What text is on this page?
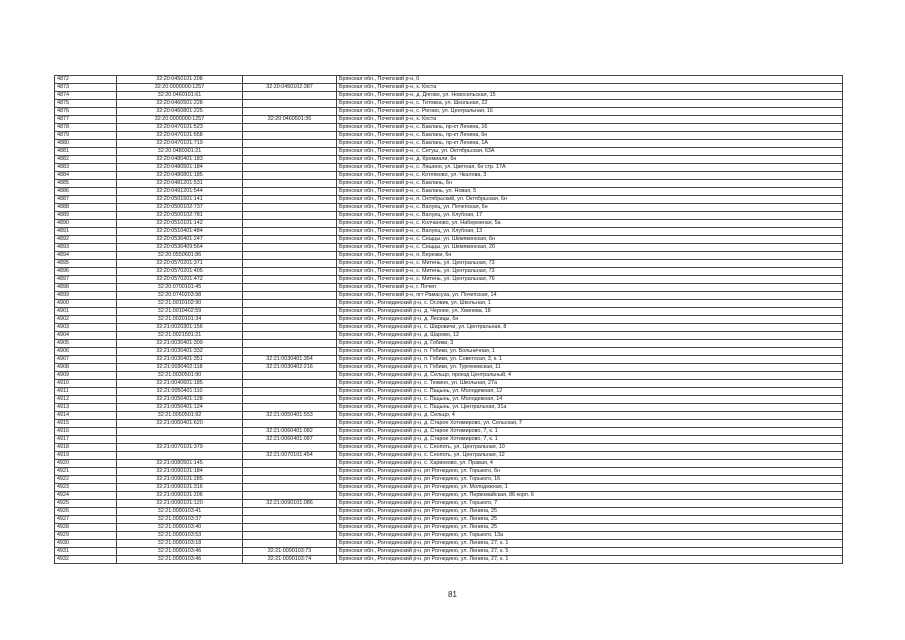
4872	32:20:0450101:208		Брянская обл., Почепский р-н, 0
4873	32:20:0000000:1257	32:20:0450102:387	Брянская обл., Почепский р-н, х. Коста
4874	32:20:0460101:61		Брянская обл., Почепский р-н, д. Дягово, ул. Новосельская, 15
4875	32:20:0460501:228		Брянская обл., Почепский р-н, с. Титовка, ул. Школьная, 22
4876	32:20:0460801:225		Брянская обл., Почепский р-н, с. Рогово, ул. Центральная, 16
4877	32:20:0000000:1257	32:20:0460501:36	Брянская обл., Почепский р-н, х. Коста
4878	32:20:0470101:523		Брянская обл., Почепский р-н, с. Баклань, пр-кт Ленина, 16
4879	32:20:0470101:658		Брянская обл., Почепский р-н, с. Баклань, пр-кт Ленина, 6н
4880	32:20:0470101:719		Брянская обл., Почепский р-н, с. Баклань, пр-кт Ленина, 1А
4881	32:20:0480301:21		Брянская обл., Почепский р-н, с. Сетуш, ул. Октябрьская, 63А
4882	32:20:0480401:183		Брянская обл., Почепский р-н, д. Кромиали, 6н
4883	32:20:0480501:184		Брянская обл., Почепский р-н, с. Ляшино, ул. Цветная, 6н стр. 17А
4884	32:20:0480801:185		Брянская обл., Почепский р-н, с. Котляково, ул. Чкалова, 3
4885	32:20:0481201:531		Брянская обл., Почепский р-н, с. Баклань, 6н
4886	32:20:0491201:544		Брянская обл., Почепский р-н, с. Баклань, ул. Новая, 5
4887	32:20:0501501:141		Брянская обл., Почепский р-н, п. Октябрьский, ул. Октябрьская, 6н
4888	32:20:0500102:737		Брянская обл., Почепский р-н, с. Валуец, ул. Почепская, 6н
4889	32:20:0500102:781		Брянская обл., Почепский р-н, с. Валуец, ул. Клубная, 17
4890	32:20:0510101:142		Брянская обл., Почепский р-н, с. Колчаново, ул. Набережная, 5а
4891	32:20:0510401:484		Брянская обл., Почепский р-н, с. Валуец, ул. Клубная, 13
4892	32:20:0530401:247		Брянская обл., Почепский р-н, с. Сещцы, ул. Шемякинская, 6н
4893	32:20:0530409:564		Брянская обл., Почепский р-н, с. Сещцы, ул. Шемякинская, 20
4894	32:20:0550601:86		Брянская обл., Почепский р-н, п. Березки, 6н
4895	32:20:0570201:371		Брянская обл., Почепский р-н, с. Митень, ул. Центральная, 73
4896	32:20:0570201:405		Брянская обл., Почепский р-н, с. Митень, ул. Центральная, 73
4897	32:20:0570201:472		Брянская обл., Почепский р-н, с. Митень, ул. Центральная, 76
4898	32:20:0700101:45		Брянская обл., Почепский р-н, г. Почеп
4899	32:20:0740203:98		Брянская обл., Почепский р-н, пгт Рамасуха, ул. Почепская, 14
4900	32:21:0010102:90		Брянская обл., Рогнединский р-н, с. Осовик, ул. Школьная, 1
4901	32:21:0010402:59		Брянская обл., Рогнединский р-н, д. Черное, ул. Хвинева, 18
4902	32:21:0020101:34		Брянская обл., Рогнединский р-н, д. Лесицы, 6н
4903	32:21:0020301:156		Брянская обл., Рогнединский р-н, с. Шаровичи, ул. Центральная, 8
4904	32:21:0021501:21		Брянская обл., Рогнединский р-н, д. Шарово, 12
4905	32:21:0030401:309		Брянская обл., Рогнединский р-н, д. Гобики, 3
4906	32:21:0030401:332		Брянская обл., Рогнединский р-н, п. Гобики, ул. Больничная, 1
4907	32:21:0030401:351	32:21:0030401:354	Брянская обл., Рогнединский р-н, п. Гобики, ул. Советская, 3, к. 1
4908	32:21:0030402:118	32:21:0030402:216	Брянская обл., Рогнединский р-н, п. Гобики, ул. Тургеневская, 11
4909	32:21:0030501:90		Брянская обл., Рогнединский р-н, д. Сельцо, проезд Центральный, 4
4910	32:21:0040601:185		Брянская обл., Рогнединский р-н, с. Тюкино, ул. Школьная, 27а
4911	32:21:0050401:110		Брянская обл., Рогнединский р-н, с. Пацынь, ул. Молодежная, 12
4912	32:21:0050401:128		Брянская обл., Рогнединский р-н, с. Пацынь, ул. Молодежная, 14
4913	32:21:0050401:124		Брянская обл., Рогнединский р-н, с. Пацынь, ул. Центральная, 31а
4914	32:21:0050501:92	32:21:0050401:553	Брянская обл., Рогнединский р-н, д. Сельцо, 4
4915	32:21:0060401:620		Брянская обл., Рогнединский р-н, д. Старое Хотимирово, ул. Сельская, 7
4916		32:21:0060401:082	Брянская обл., Рогнединский р-н, д. Старое Хотимирово, 7, к. 1
4917		32:21:0060401:087	Брянская обл., Рогнединский р-н, д. Старое Хотимирово, 7, к. 1
4918	32:21:0070101:379		Брянская обл., Рогнединский р-н, с. Снопоть, ул. Центральная, 10
4919		32:21:0070101:454	Брянская обл., Рогнединский р-н, с. Снопоть, ул. Центральная, 12
4920	32:21:0080501:145		Брянская обл., Рогнединский р-н, с. Харинково, ул. Правая, 4
4921	32:21:0090101:184		Брянская обл., Рогнединский р-н, рп Рогнедино, ул. Горького, 6н
4922	32:21:0090101:285		Брянская обл., Рогнединский р-н, рп Рогнедино, ул. Горького, 16
4923	32:21:0090101:316		Брянская обл., Рогнединский р-н, рп Рогнедино, ул. Молодежная, 1
4924	32:21:0090101:206		Брянская обл., Рогнединский р-н, рп Рогнедино, ул. Первомайская, 86 корп. 6
4925	32:21:0090101:120	32:21:0090101:086	Брянская обл., Рогнединский р-н, рп Рогнедино, ул. Горького, 7
4926	32:21:0090103:41		Брянская обл., Рогнединский р-н, рп Рогнедино, ул. Ленина, 25
4927	32:21:0090103:37		Брянская обл., Рогнединский р-н, рп Рогнедино, ул. Ленина, 25
4928	32:21:0090103:40		Брянская обл., Рогнединский р-н, рп Рогнедино, ул. Ленина, 25
4929	32:21:0090103:53		Брянская обл., Рогнединский р-н, рп Рогнедино, ул. Горького, 13а
4930	32:21:0090103:18		Брянская обл., Рогнединский р-н, рп Рогнедино, ул. Ленина, 27, к. 1
4931	32:21:0090103:46	32:21:0090103:73	Брянская обл., Рогнединский р-н, рп Рогнедино, ул. Ленина, 27, к. 5
4932	32:21:0090103:46	32:21:0090103:74	Брянская обл., Рогнединский р-н, рп Рогнедино, ул. Ленина, 27, к. 1
81
